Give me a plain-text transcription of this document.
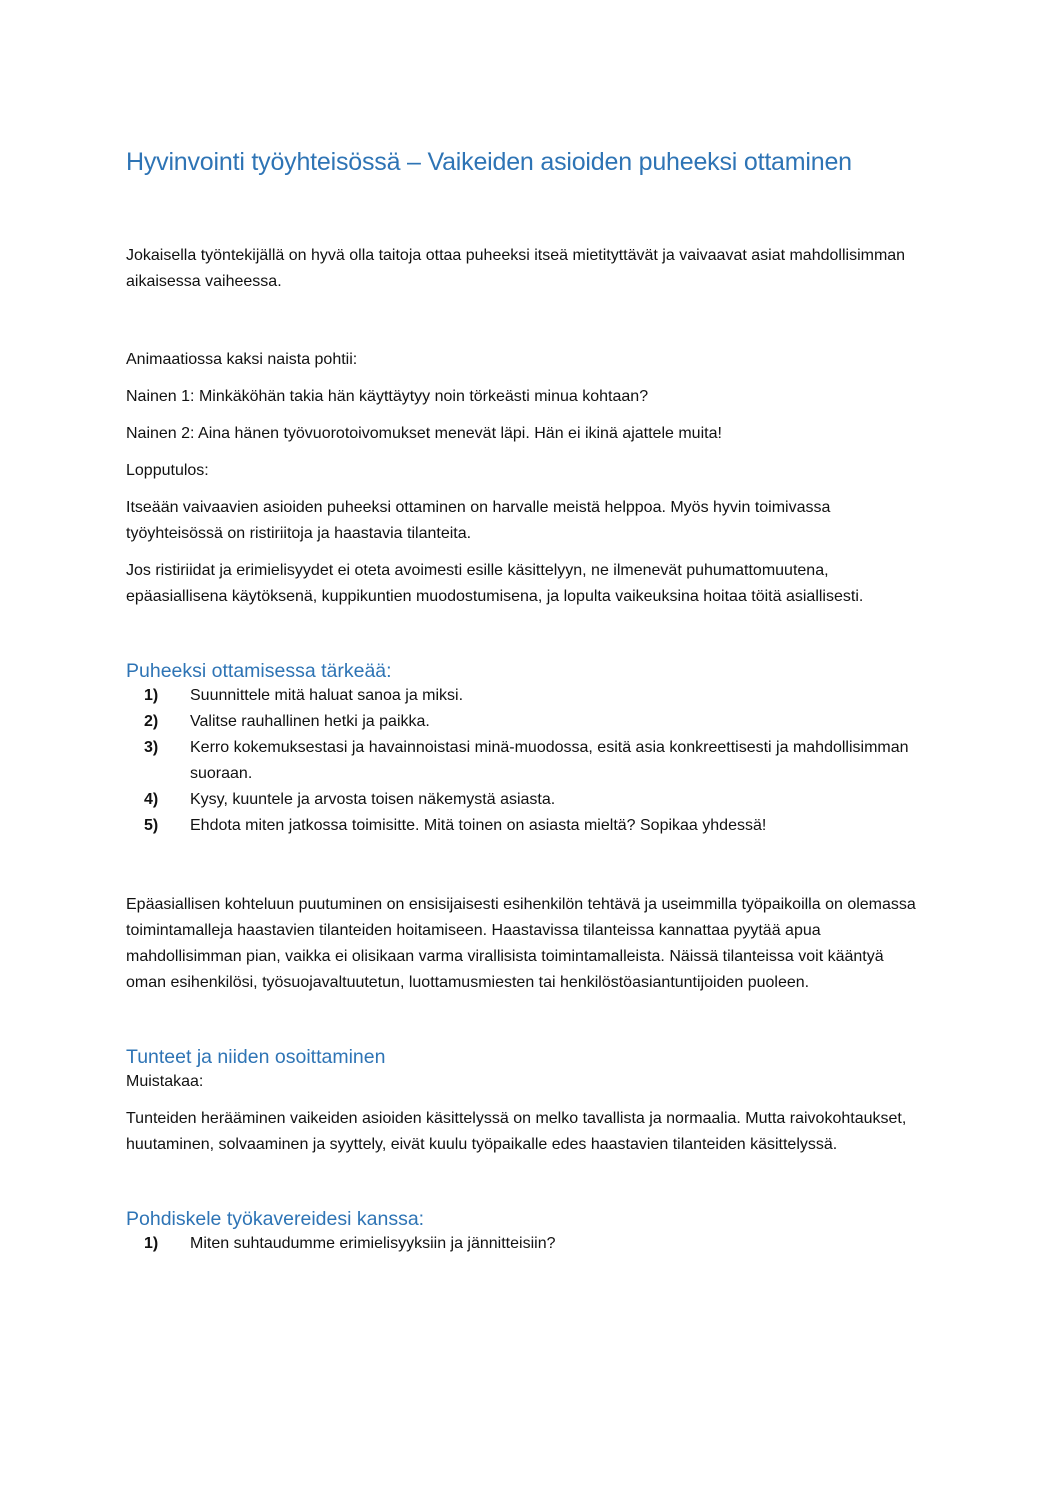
Hyvinvointi työyhteisössä – Vaikeiden asioiden puheeksi ottaminen

Jokaisella työntekijällä on hyvä olla taitoja ottaa puheeksi itseä mietityttävät ja vaivaavat asiat mahdollisimman aikaisessa vaiheessa.

Animaatiossa kaksi naista pohtii:

Nainen 1: Minkäköhän takia hän käyttäytyy noin törkeästi minua kohtaan?

Nainen 2: Aina hänen työvuorotoivomukset menevät läpi. Hän ei ikinä ajattele muita!

Lopputulos:

Itseään vaivaavien asioiden puheeksi ottaminen on harvalle meistä helppoa. Myös hyvin toimivassa työyhteisössä on ristiriitoja ja haastavia tilanteita.

Jos ristiriidat ja erimielisyydet ei oteta avoimesti esille käsittelyyn, ne ilmenevät puhumattomuutena, epäasiallisena käytöksenä, kuppikuntien muodostumisena, ja lopulta vaikeuksina hoitaa töitä asiallisesti.

Puheeksi ottamisessa tärkeää:
1)	Suunnittele mitä haluat sanoa ja miksi.
2)	Valitse rauhallinen hetki ja paikka.
3)	Kerro kokemuksestasi ja havainnoistasi minä-muodossa, esitä asia konkreettisesti ja mahdollisimman suoraan.
4)	Kysy, kuuntele ja arvosta toisen näkemystä asiasta.
5)	Ehdota miten jatkossa toimisitte. Mitä toinen on asiasta mieltä? Sopikaa yhdessä!

Epäasiallisen kohteluun puutuminen on ensisijaisesti esihenkilön tehtävä ja useimmilla työpaikoilla on olemassa toimintamalleja haastavien tilanteiden hoitamiseen. Haastavissa tilanteissa kannattaa pyytää apua mahdollisimman pian, vaikka ei olisikaan varma virallisista toimintamalleista. Näissä tilanteissa voit kääntyä oman esihenkilösi, työsuojavaltuutetun, luottamusmiesten tai henkilöstöasiantuntijoiden puoleen.

Tunteet ja niiden osoittaminen

Muistakaa:

Tunteiden herääminen vaikeiden asioiden käsittelyssä on melko tavallista ja normaalia. Mutta raivokohtaukset, huutaminen, solvaaminen ja syyttely, eivät kuulu työpaikalle edes haastavien tilanteiden käsittelyssä.

Pohdiskele työkavereidesi kanssa:
1)	Miten suhtaudumme erimielisyyksiin ja jännitteisiin?
